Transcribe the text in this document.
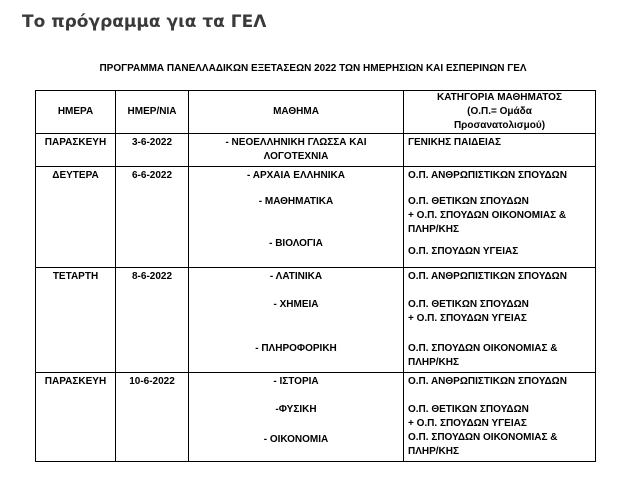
Το πρόγραμμα για τα ΓΕΛ
ΠΡΟΓΡΑΜΜΑ ΠΑΝΕΛΛΑΔΙΚΩΝ ΕΞΕΤΑΣΕΩΝ 2022 ΤΩΝ ΗΜΕΡΗΣΙΩΝ ΚΑΙ ΕΣΠΕΡΙΝΩΝ ΓΕΛ
ΗΜΕΡΑ	ΗΜΕΡ/ΝΙΑ	ΜΑΘΗΜΑ	ΚΑΤΗΓΟΡΙΑ ΜΑΘΗΜΑΤΟΣ
(Ο.Π.= Ομάδα
Προσανατολισμού)

ΠΑΡΑΣΚΕΥΗ	3-6-2022	- ΝΕΟΕΛΛΗΝΙΚΗ ΓΛΩΣΣΑ ΚΑΙ ΛΟΓΟΤΕΧΝΙΑ	ΓΕΝΙΚΗΣ ΠΑΙΔΕΙΑΣ

ΔΕΥΤΕΡΑ	6-6-2022	- ΑΡΧΑΙΑ ΕΛΛΗΝΙΚΑ
- ΜΑΘΗΜΑΤΙΚΑ
- ΒΙΟΛΟΓΙΑ	Ο.Π. ΑΝΘΡΩΠΙΣΤΙΚΩΝ ΣΠΟΥΔΩΝ
Ο.Π. ΘΕΤΙΚΩΝ ΣΠΟΥΔΩΝ
+ Ο.Π. ΣΠΟΥΔΩΝ ΟΙΚΟΝΟΜΙΑΣ &
ΠΛΗΡ/ΚΗΣ
Ο.Π. ΣΠΟΥΔΩΝ ΥΓΕΙΑΣ

ΤΕΤΑΡΤΗ	8-6-2022	- ΛΑΤΙΝΙΚΑ
- ΧΗΜΕΙΑ
- ΠΛΗΡΟΦΟΡΙΚΗ	Ο.Π. ΑΝΘΡΩΠΙΣΤΙΚΩΝ ΣΠΟΥΔΩΝ
Ο.Π. ΘΕΤΙΚΩΝ ΣΠΟΥΔΩΝ
+ Ο.Π. ΣΠΟΥΔΩΝ ΥΓΕΙΑΣ
Ο.Π. ΣΠΟΥΔΩΝ ΟΙΚΟΝΟΜΙΑΣ &
ΠΛΗΡ/ΚΗΣ

ΠΑΡΑΣΚΕΥΗ	10-6-2022	- ΙΣΤΟΡΙΑ
-ΦΥΣΙΚΗ
- ΟΙΚΟΝΟΜΙΑ	Ο.Π. ΑΝΘΡΩΠΙΣΤΙΚΩΝ ΣΠΟΥΔΩΝ
Ο.Π. ΘΕΤΙΚΩΝ ΣΠΟΥΔΩΝ
+ Ο.Π. ΣΠΟΥΔΩΝ ΥΓΕΙΑΣ
Ο.Π. ΣΠΟΥΔΩΝ ΟΙΚΟΝΟΜΙΑΣ &
ΠΛΗΡ/ΚΗΣ
